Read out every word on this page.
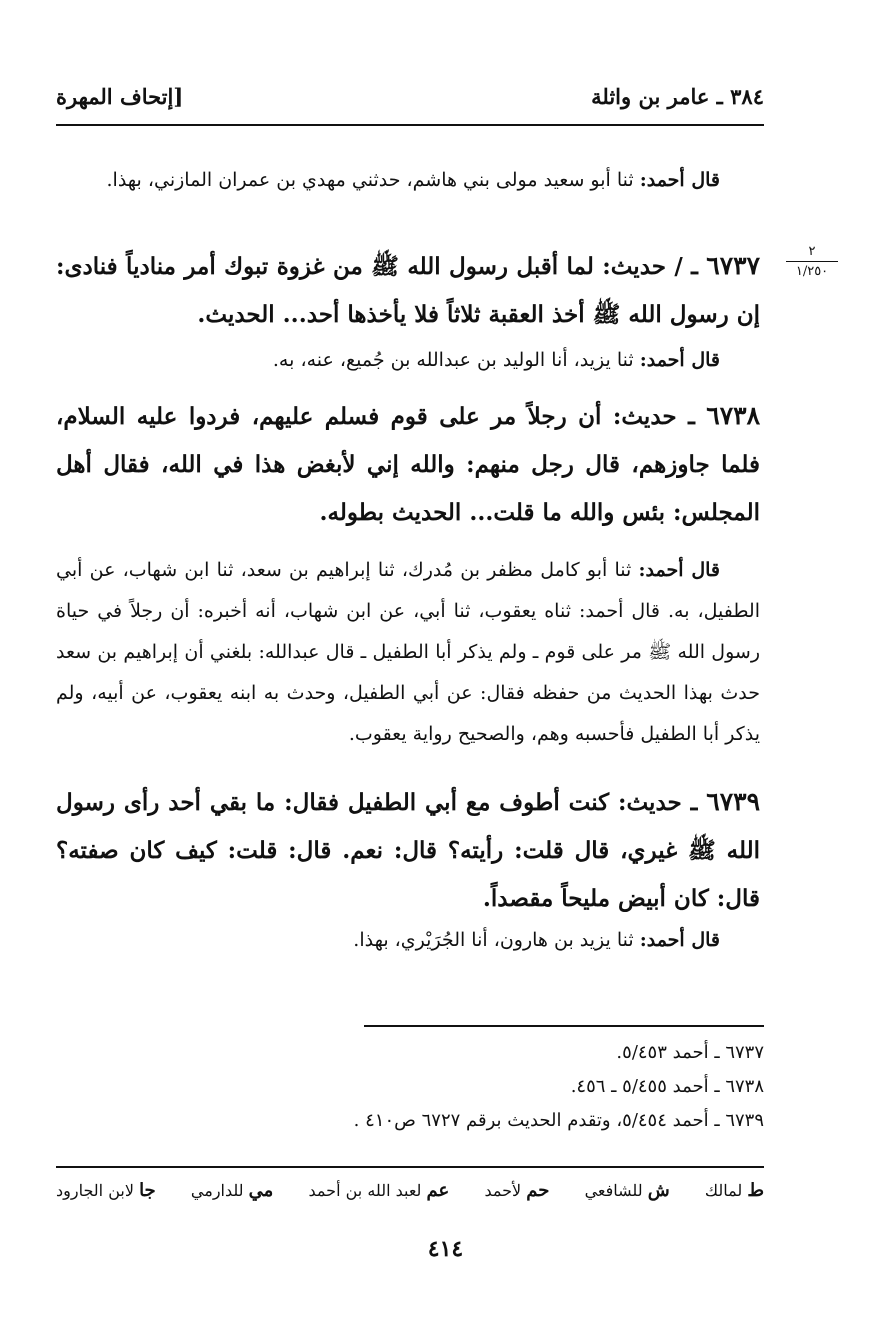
٣٨٤ ـ عامر بن واثلة
[إتحاف المهرة
٢
١/٢٥٠

قال أحمد: ثنا أبو سعيد مولى بني هاشم، حدثني مهدي بن عمران المازني، بهذا.

٦٧٣٧ ـ / حديث: لما أقبل رسول الله ﷺ من غزوة تبوك أمر منادياً فنادى: إن رسول الله ﷺ أخذ العقبة ثلاثاً فلا يأخذها أحد... الحديث.

قال أحمد: ثنا يزيد، أنا الوليد بن عبدالله بن جُميع، عنه، به.

٦٧٣٨ ـ حديث: أن رجلاً مر على قوم فسلم عليهم، فردوا عليه السلام، فلما جاوزهم، قال رجل منهم: والله إني لأبغض هذا في الله، فقال أهل المجلس: بئس والله ما قلت... الحديث بطوله.

قال أحمد: ثنا أبو كامل مظفر بن مُدرك، ثنا إبراهيم بن سعد، ثنا ابن شهاب، عن أبي الطفيل، به. قال أحمد: ثناه يعقوب، ثنا أبي، عن ابن شهاب، أنه أخبره: أن رجلاً في حياة رسول الله ﷺ مر على قوم ـ ولم يذكر أبا الطفيل ـ قال عبدالله: بلغني أن إبراهيم بن سعد حدث بهذا الحديث من حفظه فقال: عن أبي الطفيل، وحدث به ابنه يعقوب، عن أبيه، ولم يذكر أبا الطفيل فأحسبه وهم، والصحيح رواية يعقوب.

٦٧٣٩ ـ حديث: كنت أطوف مع أبي الطفيل فقال: ما بقي أحد رأى رسول الله ﷺ غيري، قال قلت: رأيته؟ قال: نعم. قال: قلت: كيف كان صفته؟ قال: كان أبيض مليحاً مقصداً.

قال أحمد: ثنا يزيد بن هارون، أنا الجُرَيْري، بهذا.

٦٧٣٧ ـ أحمد ٥/٤٥٣.
٦٧٣٨ ـ أحمد ٥/٤٥٥ ـ ٤٥٦.
٦٧٣٩ ـ أحمد ٥/٤٥٤، وتقدم الحديث برقم ٦٧٢٧ ص٤١٠ .
ط لمالك
ش للشافعي
حم لأحمد
عم لعبد الله بن أحمد
مي للدارمي
جا لابن الجارود
٤١٤
